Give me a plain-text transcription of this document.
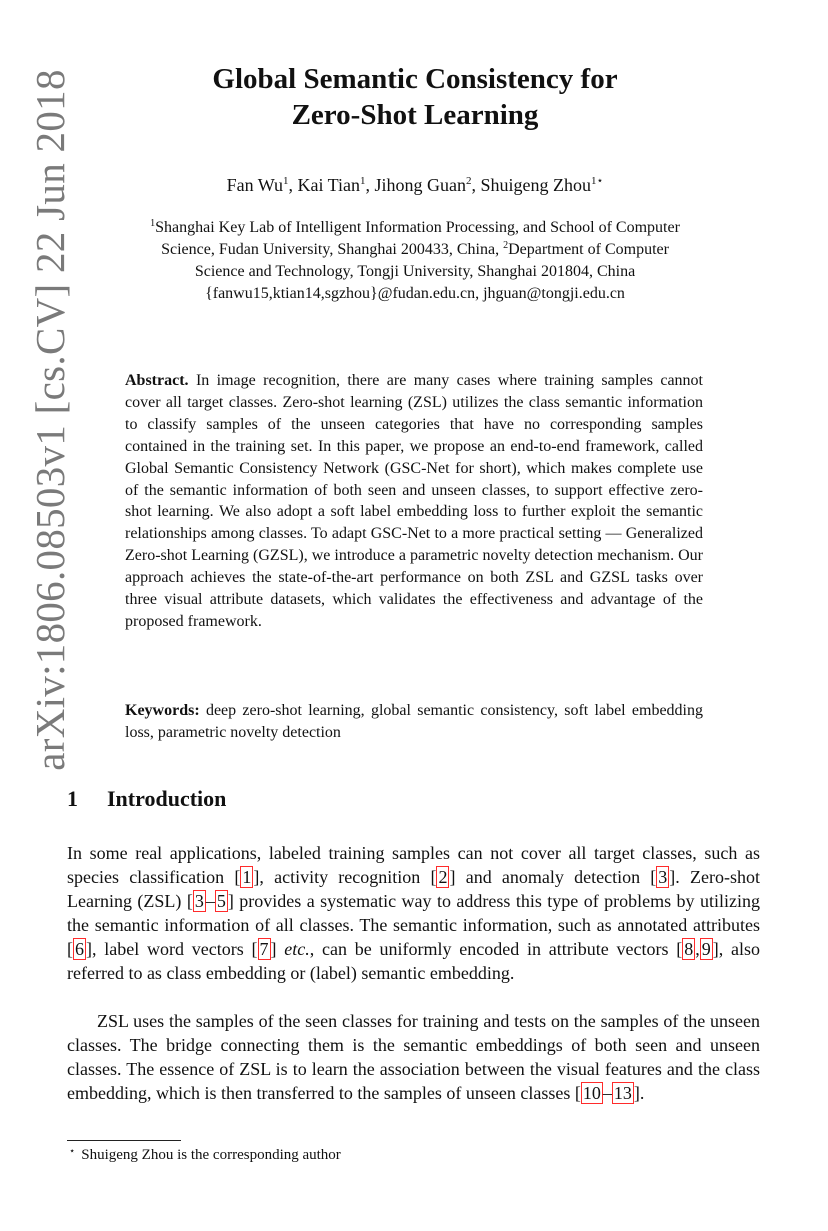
arXiv:1806.08503v1 [cs.CV] 22 Jun 2018	Global Semantic Consistency for
Zero-Shot Learning
Fan Wu$^1$, Kai Tian$^1$, Jihong Guan$^2$, Shuigeng Zhou$^{1⋆}$
$^1$Shanghai Key Lab of Intelligent Information Processing, and School of Computer
Science, Fudan University, Shanghai 200433, China, $^2$Department of Computer
Science and Technology, Tongji University, Shanghai 201804, China
{fanwu15,ktian14,sgzhou}@fudan.edu.cn, jhguan@tongji.edu.cn

Abstract. In image recognition, there are many cases where training samples cannot cover all target classes. Zero-shot learning (ZSL) utilizes the class semantic information to classify samples of the unseen categories that have no corresponding samples contained in the training set. In this paper, we propose an end-to-end framework, called Global Semantic Consistency Network (GSC-Net for short), which makes complete use of the semantic information of both seen and unseen classes, to support effective zero-shot learning. We also adopt a soft label embedding loss to further exploit the semantic relationships among classes. To adapt GSC-Net to a more practical setting — Generalized Zero-shot Learning (GZSL), we introduce a parametric novelty detection mechanism. Our approach achieves the state-of-the-art performance on both ZSL and GZSL tasks over three visual attribute datasets, which validates the effectiveness and advantage of the proposed framework.

Keywords: deep zero-shot learning, global semantic consistency, soft label embedding loss, parametric novelty detection

1 Introduction

In some real applications, labeled training samples can not cover all target classes, such as species classification [ 1 ], activity recognition [ 2 ] and anomaly detection [ 3 ]. Zero-shot Learning (ZSL) [ 3 – 5 ] provides a systematic way to address this type of problems by utilizing the semantic information of all classes. The semantic information, such as annotated attributes [ 6 ], label word vectors [ 7 ] etc., can be uniformly encoded in attribute vectors [ 8 , 9 ], also referred to as class embedding or (label) semantic embedding.

ZSL uses the samples of the seen classes for training and tests on the samples of the unseen classes. The bridge connecting them is the semantic embeddings of both seen and unseen classes. The essence of ZSL is to learn the association between the visual features and the class embedding, which is then transferred to the samples of unseen classes [ 10 – 13 ].

⋆ Shuigeng Zhou is the corresponding author
